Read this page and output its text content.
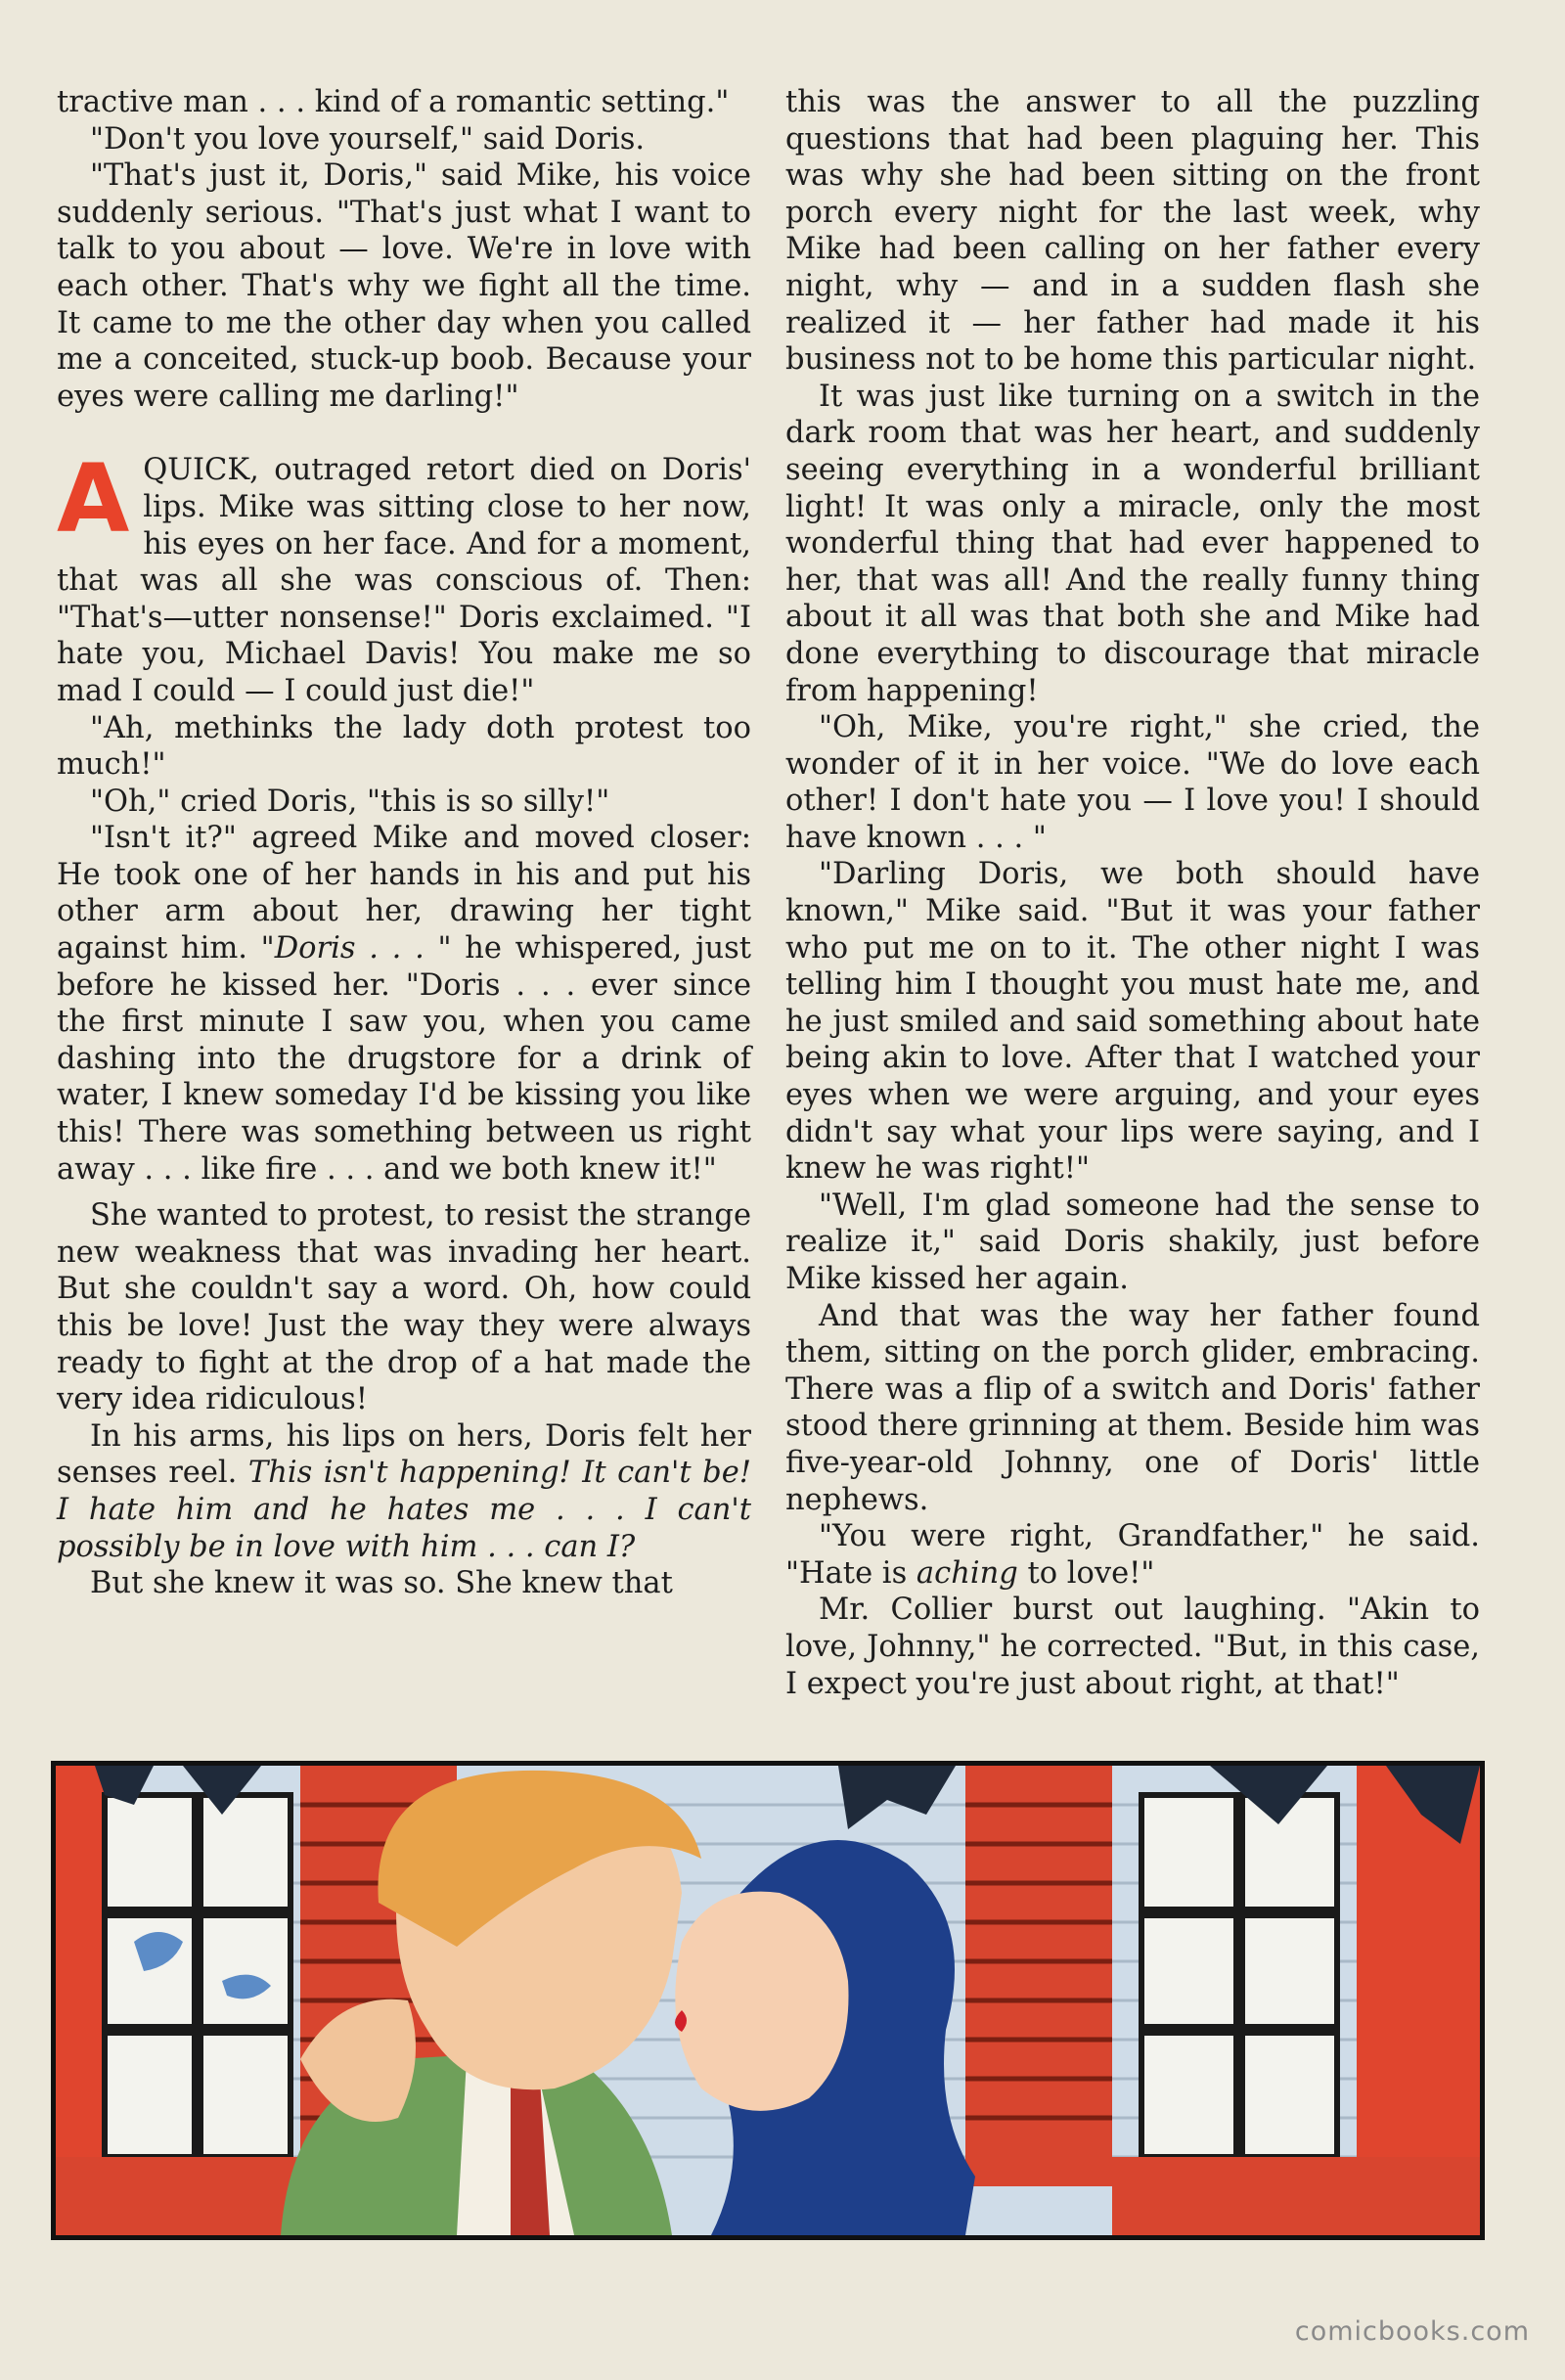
tractive man . . . kind of a romantic setting."

"Don't you love yourself," said Doris.

"That's just it, Doris," said Mike, his voice suddenly serious. "That's just what I want to talk to you about — love. We're in love with each other. That's why we fight all the time. It came to me the other day when you called me a conceited, stuck-up boob. Because your eyes were calling me darling!"

AQUICK, outraged retort died on Doris' lips. Mike was sitting close to her now, his eyes on her face. And for a moment, that was all she was conscious of. Then: "That's—utter nonsense!" Doris exclaimed. "I hate you, Michael Davis! You make me so mad I could — I could just die!"

"Ah, methinks the lady doth protest too much!"

"Oh," cried Doris, "this is so silly!"

"Isn't it?" agreed Mike and moved closer: He took one of her hands in his and put his other arm about her, drawing her tight against him. "Doris . . . " he whispered, just before he kissed her. "Doris . . . ever since the first minute I saw you, when you came dashing into the drugstore for a drink of water, I knew someday I'd be kissing you like this! There was something between us right away . . . like fire . . . and we both knew it!"

She wanted to protest, to resist the strange new weakness that was invading her heart. But she couldn't say a word. Oh, how could this be love! Just the way they were always ready to fight at the drop of a hat made the very idea ridiculous!

In his arms, his lips on hers, Doris felt her senses reel. This isn't happening! It can't be! I hate him and he hates me . . . I can't possibly be in love with him . . . can I?

But she knew it was so. She knew that

this was the answer to all the puzzling questions that had been plaguing her. This was why she had been sitting on the front porch every night for the last week, why Mike had been calling on her father every night, why — and in a sudden flash she realized it — her father had made it his business not to be home this particular night.

It was just like turning on a switch in the dark room that was her heart, and suddenly seeing everything in a wonderful brilliant light! It was only a miracle, only the most wonderful thing that had ever happened to her, that was all! And the really funny thing about it all was that both she and Mike had done everything to discourage that miracle from happening!

"Oh, Mike, you're right," she cried, the wonder of it in her voice. "We do love each other! I don't hate you — I love you! I should have known . . . "

"Darling Doris, we both should have known," Mike said. "But it was your father who put me on to it. The other night I was telling him I thought you must hate me, and he just smiled and said something about hate being akin to love. After that I watched your eyes when we were arguing, and your eyes didn't say what your lips were saying, and I knew he was right!"

"Well, I'm glad someone had the sense to realize it," said Doris shakily, just before Mike kissed her again.

And that was the way her father found them, sitting on the porch glider, embracing. There was a flip of a switch and Doris' father stood there grinning at them. Beside him was five-year-old Johnny, one of Doris' little nephews.

"You were right, Grandfather," he said. "Hate is aching to love!"

Mr. Collier burst out laughing. "Akin to love, Johnny," he corrected. "But, in this case, I expect you're just about right, at that!"

comicbooks.com
